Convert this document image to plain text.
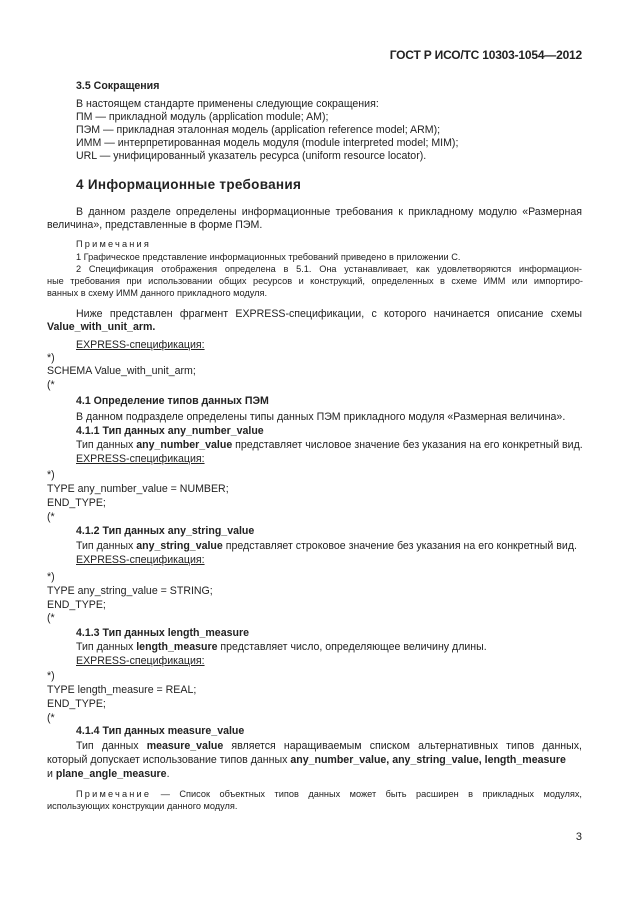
ГОСТ Р ИСО/ТС 10303-1054—2012
3.5 Сокращения
В настоящем стандарте применены следующие сокращения:
ПМ — прикладной модуль (application module; AM);
ПЭМ — прикладная эталонная модель (application reference model; ARM);
ИММ — интерпретированная модель модуля (module interpreted model; MIM);
URL — унифицированный указатель ресурса (uniform resource locator).
4 Информационные требования
В данном разделе определены информационные требования к прикладному модулю «Размерная
величина», представленные в форме ПЭМ.
Примечания
1 Графическое представление информационных требований приведено в приложении С.
2 Спецификация отображения определена в 5.1. Она устанавливает, как удовлетворяются информацион-
ные требования при использовании общих ресурсов и конструкций, определенных в схеме ИММ или импортиро-
ванных в схему ИММ данного прикладного модуля.
Ниже представлен фрагмент EXPRESS-спецификации, с которого начинается описание схемы
Value_with_unit_arm.
EXPRESS-спецификация:
*)
SCHEMA Value_with_unit_arm;
(*
4.1 Определение типов данных ПЭМ
В данном подразделе определены типы данных ПЭМ прикладного модуля «Размерная величина».
4.1.1 Тип данных any_number_value
Тип данных any_number_value представляет числовое значение без указания на его конкретный вид.
EXPRESS-спецификация:
*)
TYPE any_number_value = NUMBER;
END_TYPE;
(*
4.1.2 Тип данных any_string_value
Тип данных any_string_value представляет строковое значение без указания на его конкретный вид.
EXPRESS-спецификация:
*)
TYPE any_string_value = STRING;
END_TYPE;
(*
4.1.3 Тип данных length_measure
Тип данных length_measure представляет число, определяющее величину длины.
EXPRESS-спецификация:
*)
TYPE length_measure = REAL;
END_TYPE;
(*
4.1.4 Тип данных measure_value
Тип данных measure_value является наращиваемым списком альтернативных типов данных,
который допускает использование типов данных any_number_value, any_string_value, length_measure
и plane_angle_measure.
Примечание — Список объектных типов данных может быть расширен в прикладных модулях,
использующих конструкции данного модуля.
3
